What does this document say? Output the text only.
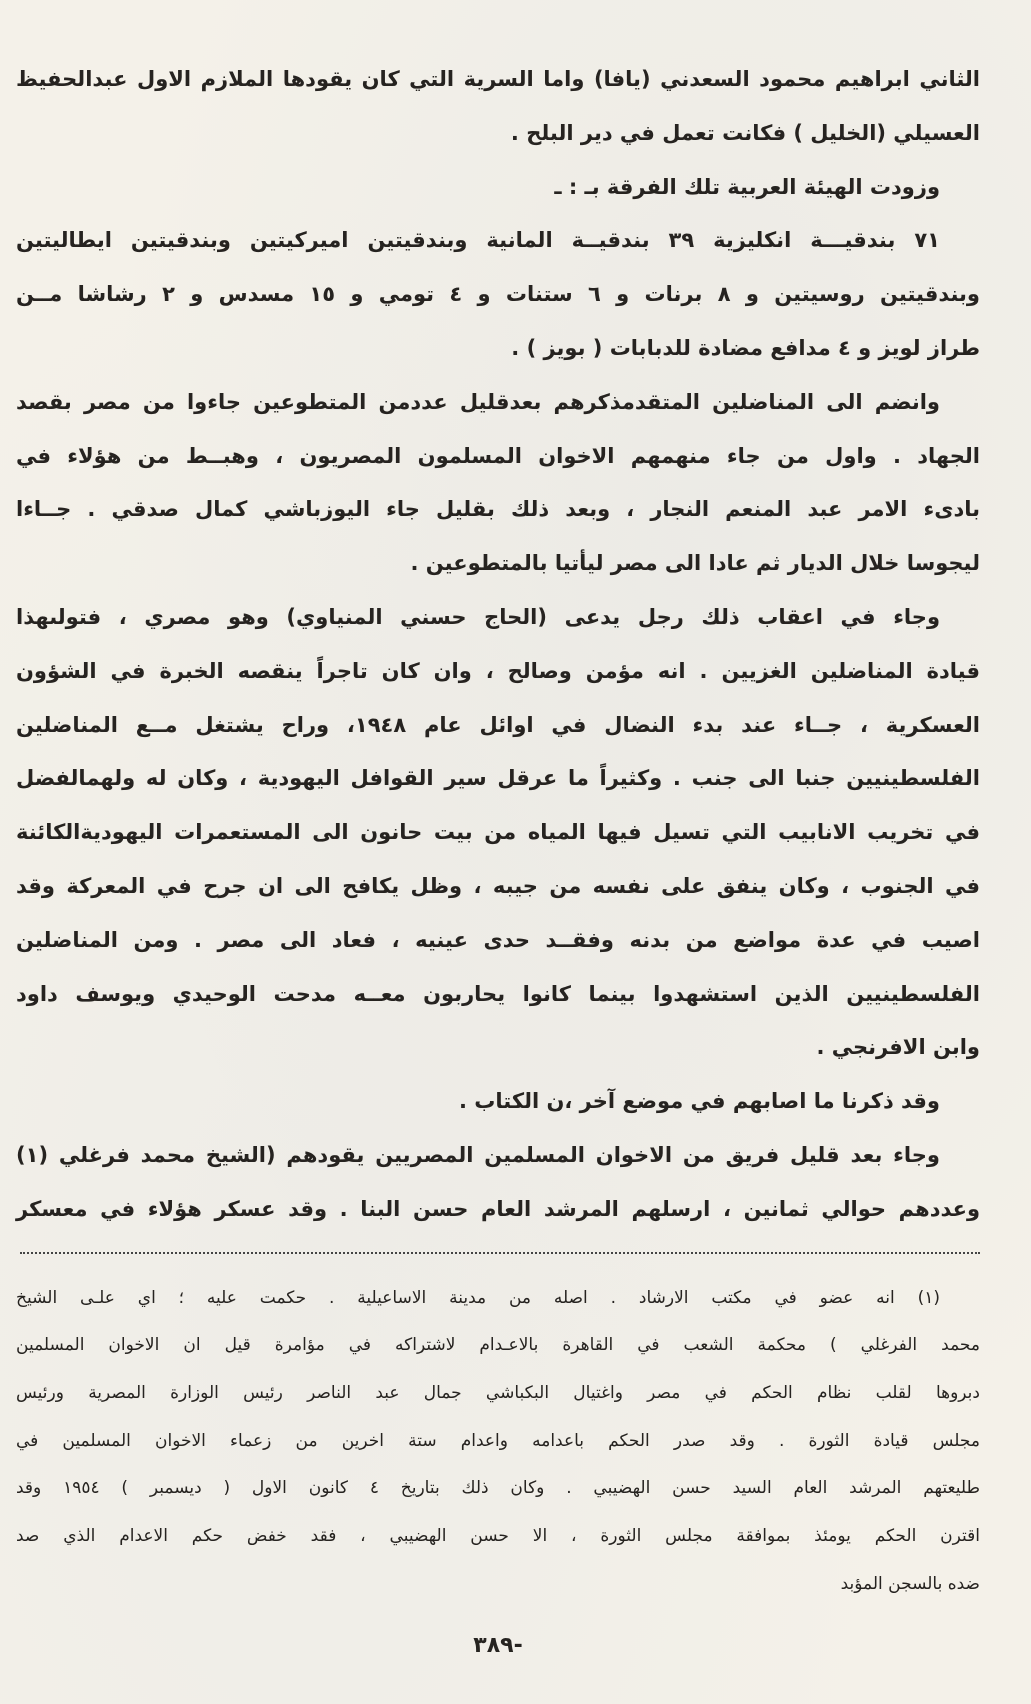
الثاني ابراهيم محمود السعدني (يافا) واما السرية التي كان يقودها الملازم الاول عبدالحفيظ
العسيلي (الخليل ) فكانت تعمل في دير البلح .
وزودت الهيئة العربية تلك الفرقة بـ : ـ
٧١ بندقيـــة انكليزية ٣٩ بندقيــة المانية وبندقيتين اميركيتين وبندقيتين ايطاليتين
وبندقيتين روسيتين و ٨ برنات و ٦ ستنات و ٤ تومي و ١٥ مسدس و ٢ رشاشا مــن
طراز لويز و ٤ مدافع مضادة للدبابات ( بويز ) .
وانضم الى المناضلين المتقدمذكرهم بعدقليل عددمن المتطوعين جاءوا من مصر بقصد
الجهاد . واول من جاء منهمهم الاخوان المسلمون المصريون ، وهبــط من هؤلاء في
بادىء الامر عبد المنعم النجار ، وبعد ذلك بقليل جاء اليوزباشي كمال صدقي . جــاءا
ليجوسا خلال الديار ثم عادا الى مصر ليأتيا بالمتطوعين .
وجاء في اعقاب ذلك رجل يدعى (الحاج حسني المنياوي) وهو مصري ، فتولىهذا
قيادة المناضلين الغزيين . انه مؤمن وصالح ، وان كان تاجراً ينقصه الخبرة في الشؤون
العسكرية ، جــاء عند بدء النضال في اوائل عام ١٩٤٨، وراح يشتغل مــع المناضلين
الفلسطينيين جنبا الى جنب . وكثيراً ما عرقل سير القوافل اليهودية ، وكان له ولهمالفضل
في تخريب الانابيب التي تسيل فيها المياه من بيت حانون الى المستعمرات اليهوديةالكائنة
في الجنوب ، وكان ينفق على نفسه من جيبه ، وظل يكافح الى ان جرح في المعركة وقد
اصيب في عدة مواضع من بدنه وفقــد حدى عينيه ، فعاد الى مصر . ومن المناضلين
الفلسطينيين الذين استشهدوا بينما كانوا يحاربون معــه مدحت الوحيدي ويوسف داود
وابن الافرنجي .
وقد ذكرنا ما اصابهم في موضع آخر ،ن الكتاب .
وجاء بعد قليل فريق من الاخوان المسلمين المصريين يقودهم (الشيخ محمد فرغلي (١)
وعددهم حوالي ثمانين ، ارسلهم المرشد العام حسن البنا . وقد عسكر هؤلاء في معسكر
(١) انه عضو في مكتب الارشاد . اصله من مدينة الاساعيلية . حكمت عليه ؛ اي علـى الشيخ
محمد الفرغلي ) محكمة الشعب في القاهرة بالاعـدام لاشتراكه في مؤامرة قيل ان الاخوان المسلمين
دبروها لقلب نظام الحكم في مصر واغتيال البكباشي جمال عبد الناصر رئيس الوزارة المصرية ورئيس
مجلس قيادة الثورة . وقد صدر الحكم باعدامه واعدام ستة اخرين من زعماء الاخوان المسلمين في
طليعتهم المرشد العام السيد حسن الهضيبي . وكان ذلك بتاريخ ٤ كانون الاول ( ديسمبر ) ١٩٥٤ وقد
اقترن الحكم يومئذ بموافقة مجلس الثورة ، الا حسن الهضيبي ، فقد خفض حكم الاعدام الذي صد
ضده بالسجن المؤبد
-٣٨٩
